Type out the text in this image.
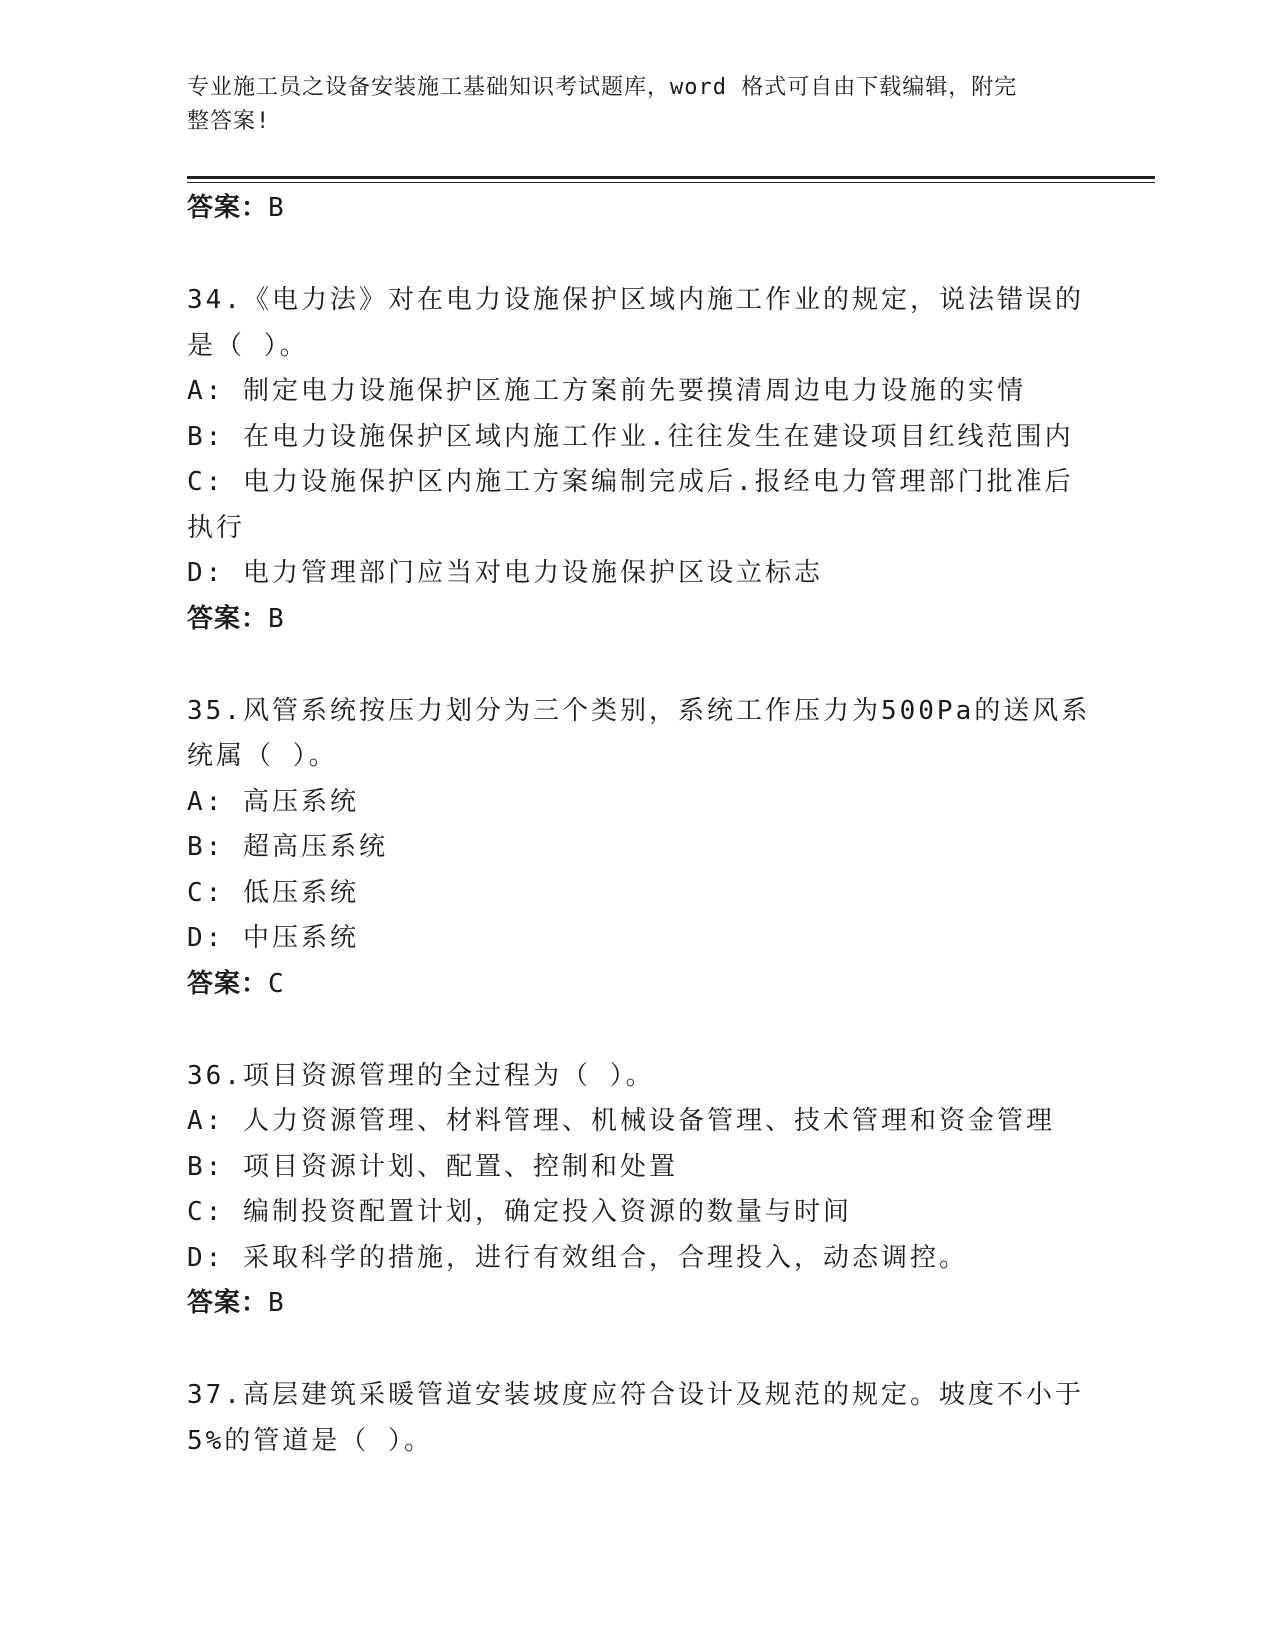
专业施工员之设备安装施工基础知识考试题库，word 格式可自由下载编辑，附完
整答案!
答案：B
34.《电力法》对在电力设施保护区域内施工作业的规定，说法错误的
是（ ）。
A: 制定电力设施保护区施工方案前先要摸清周边电力设施的实情
B: 在电力设施保护区域内施工作业.往往发生在建设项目红线范围内
C: 电力设施保护区内施工方案编制完成后.报经电力管理部门批准后
执行
D: 电力管理部门应当对电力设施保护区设立标志
答案：B
35.风管系统按压力划分为三个类别，系统工作压力为500Pa的送风系
统属（ ）。
A: 高压系统
B: 超高压系统
C: 低压系统
D: 中压系统
答案：C
36.项目资源管理的全过程为（ ）。
A: 人力资源管理、材料管理、机械设备管理、技术管理和资金管理
B: 项目资源计划、配置、控制和处置
C: 编制投资配置计划，确定投入资源的数量与时间
D: 采取科学的措施，进行有效组合，合理投入，动态调控。
答案：B
37.高层建筑采暖管道安装坡度应符合设计及规范的规定。坡度不小于
5%的管道是（ ）。
